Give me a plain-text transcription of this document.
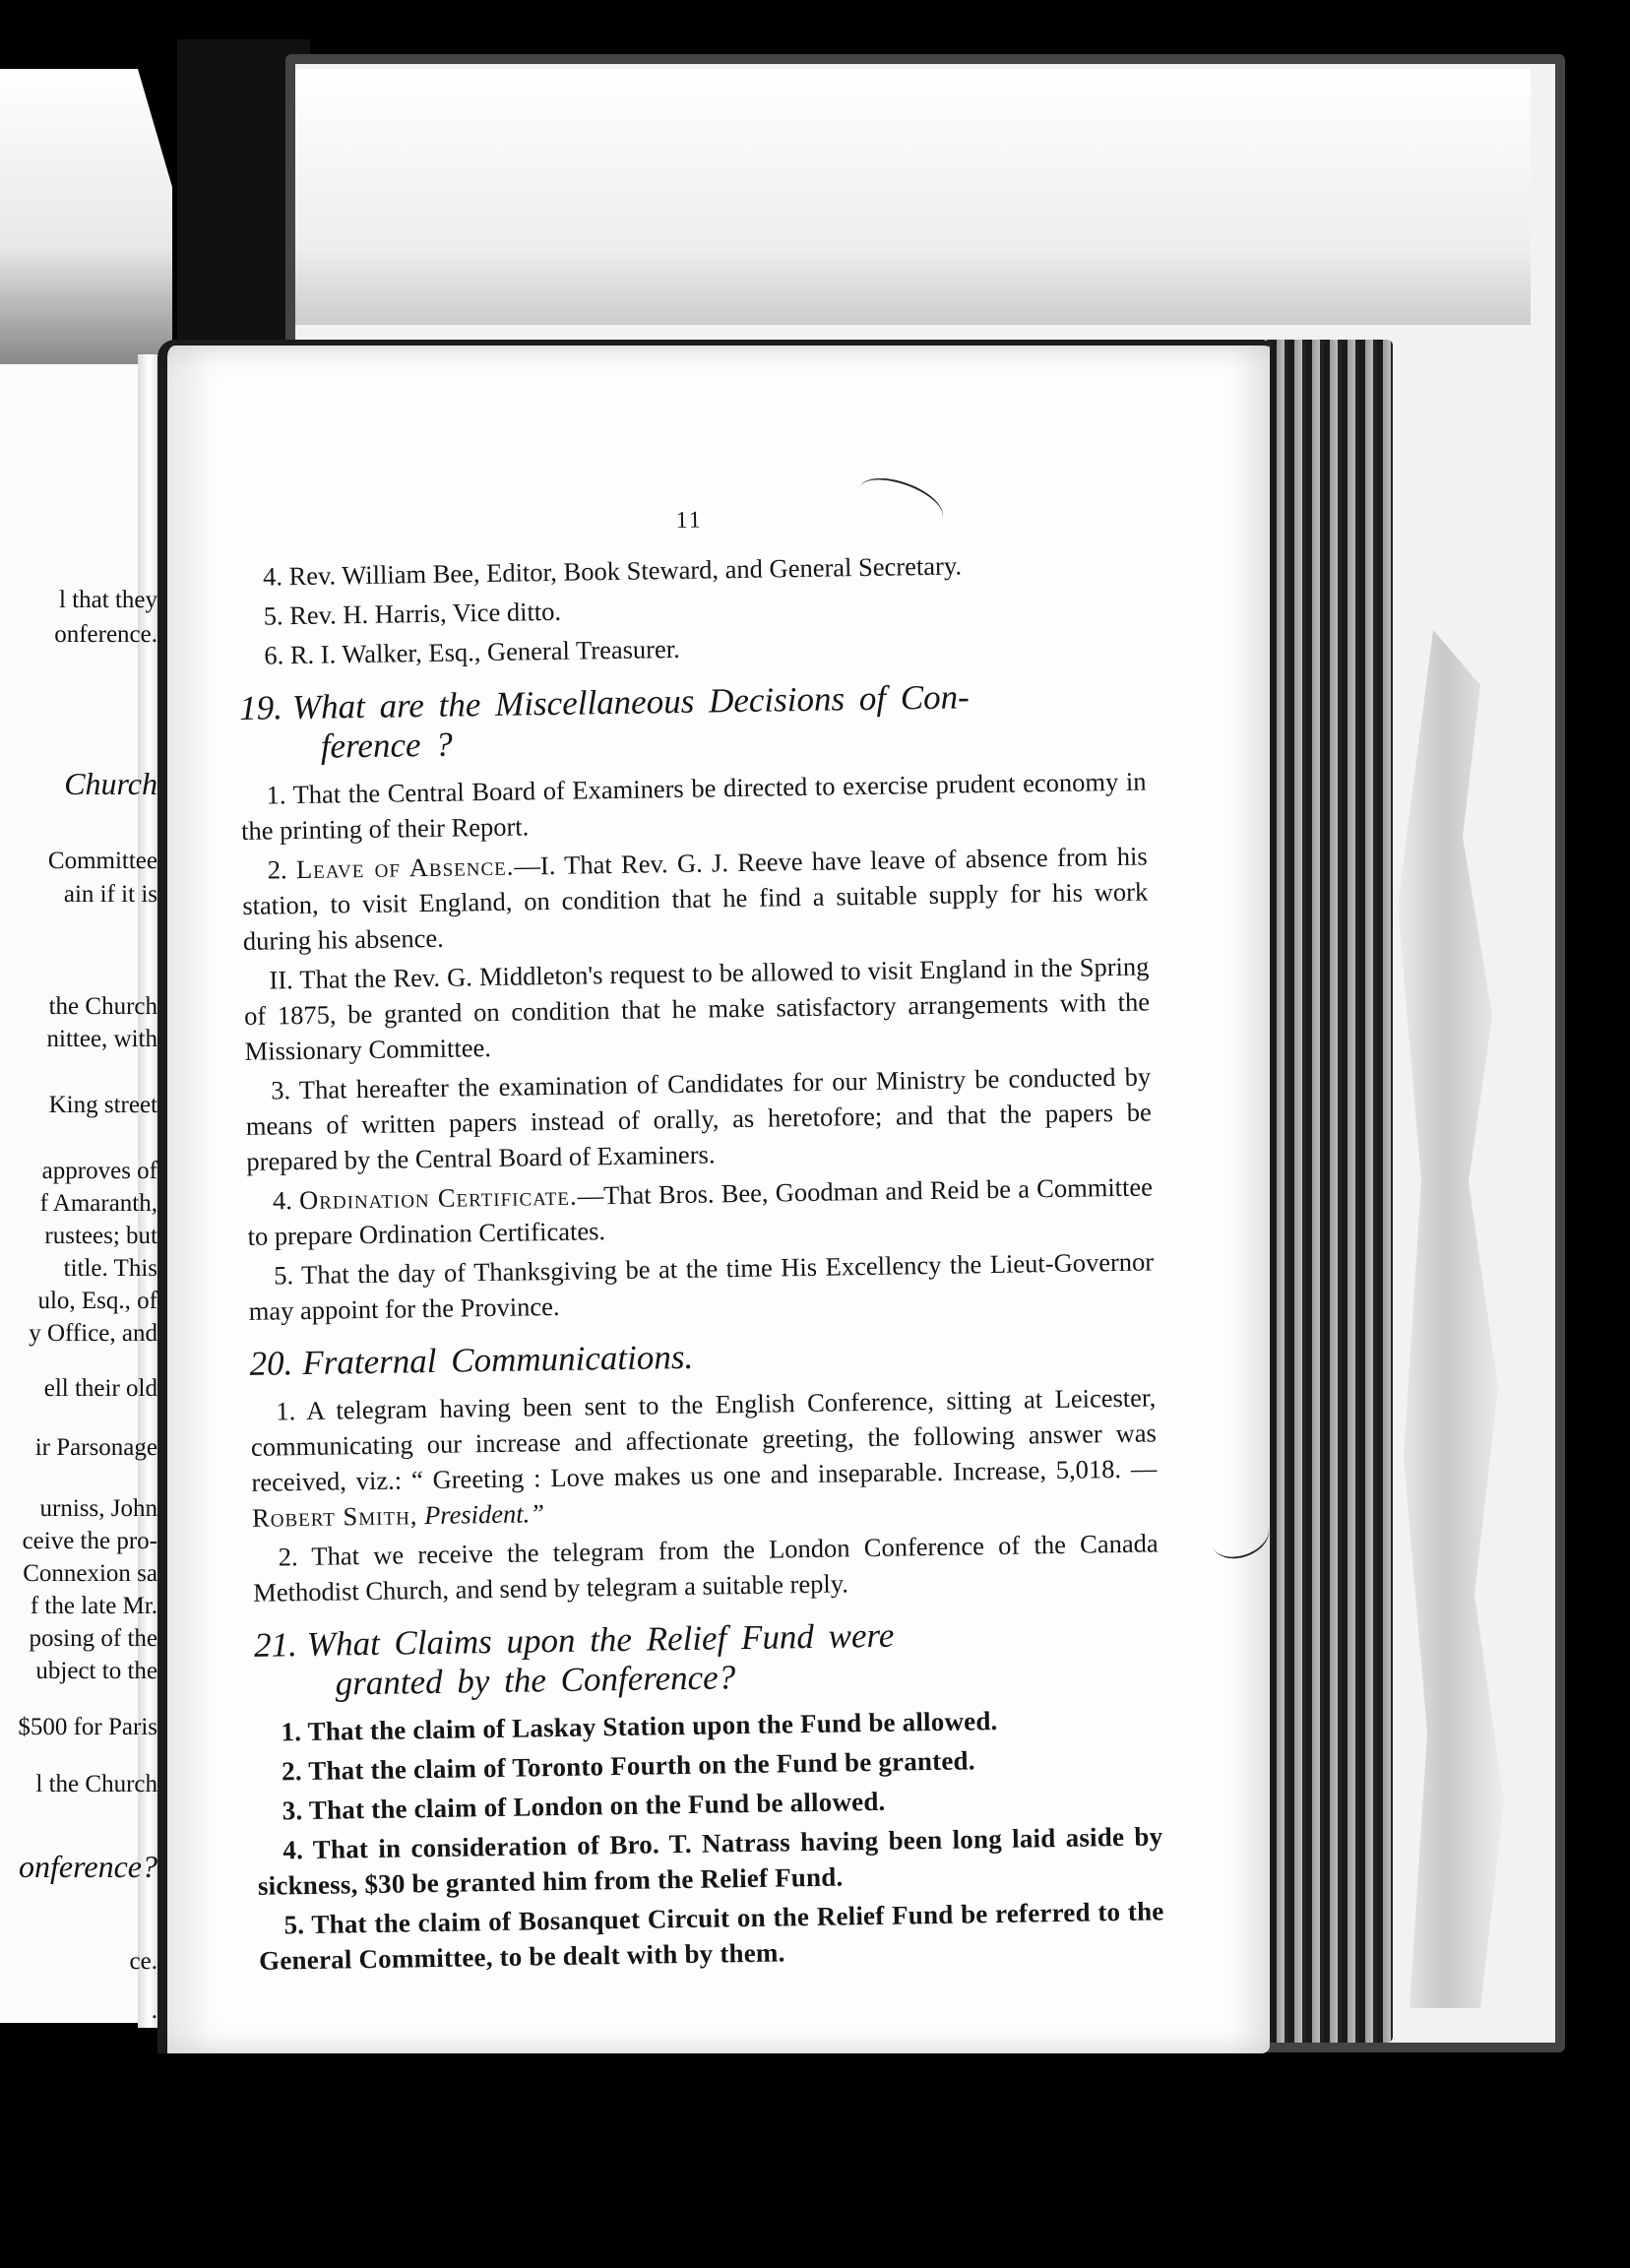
l that they
onference.
Church
Committee
ain if it is
the Church
nittee, with
King street
approves of
f Amaranth,
rustees; but
title. This
ulo, Esq., of
y Office, and
ell their old
ir Parsonage
urniss, John
ceive the pro-
Connexion sa
f the late Mr.
posing of the
ubject to the
$500 for Paris
l the Church
onference?
ce.
.
11

4. Rev. William Bee, Editor, Book Steward, and General Secretary.

5. Rev. H. Harris, Vice ditto.

6. R. I. Walker, Esq., General Treasurer.

19. What are the Miscellaneous Decisions of Con-
ference ?

1. That the Central Board of Examiners be directed to exercise prudent economy in the printing of their Report.

2. Leave of Absence.—I. That Rev. G. J. Reeve have leave of absence from his station, to visit England, on condition that he find a suitable supply for his work during his absence.

II. That the Rev. G. Middleton's request to be allowed to visit England in the Spring of 1875, be granted on condition that he make satisfactory arrangements with the Missionary Committee.

3. That hereafter the examination of Candidates for our Ministry be conducted by means of written papers instead of orally, as heretofore; and that the papers be prepared by the Central Board of Examiners.

4. Ordination Certificate.—That Bros. Bee, Goodman and Reid be a Committee to prepare Ordination Certificates.

5. That the day of Thanksgiving be at the time His Excellency the Lieut-Governor may appoint for the Province.

20. Fraternal Communications.

1. A telegram having been sent to the English Conference, sitting at Leicester, communicating our increase and affectionate greeting, the following answer was received, viz.: “ Greeting : Love makes us one and inseparable. Increase, 5,018. — Robert Smith, President.”

2. That we receive the telegram from the London Conference of the Canada Methodist Church, and send by telegram a suitable reply.

21. What Claims upon the Relief Fund were
granted by the Conference?

1. That the claim of Laskay Station upon the Fund be allowed.

2. That the claim of Toronto Fourth on the Fund be granted.

3. That the claim of London on the Fund be allowed.

4. That in consideration of Bro. T. Natrass having been long laid aside by sickness, $30 be granted him from the Relief Fund.

5. That the claim of Bosanquet Circuit on the Relief Fund be referred to the General Committee, to be dealt with by them.
